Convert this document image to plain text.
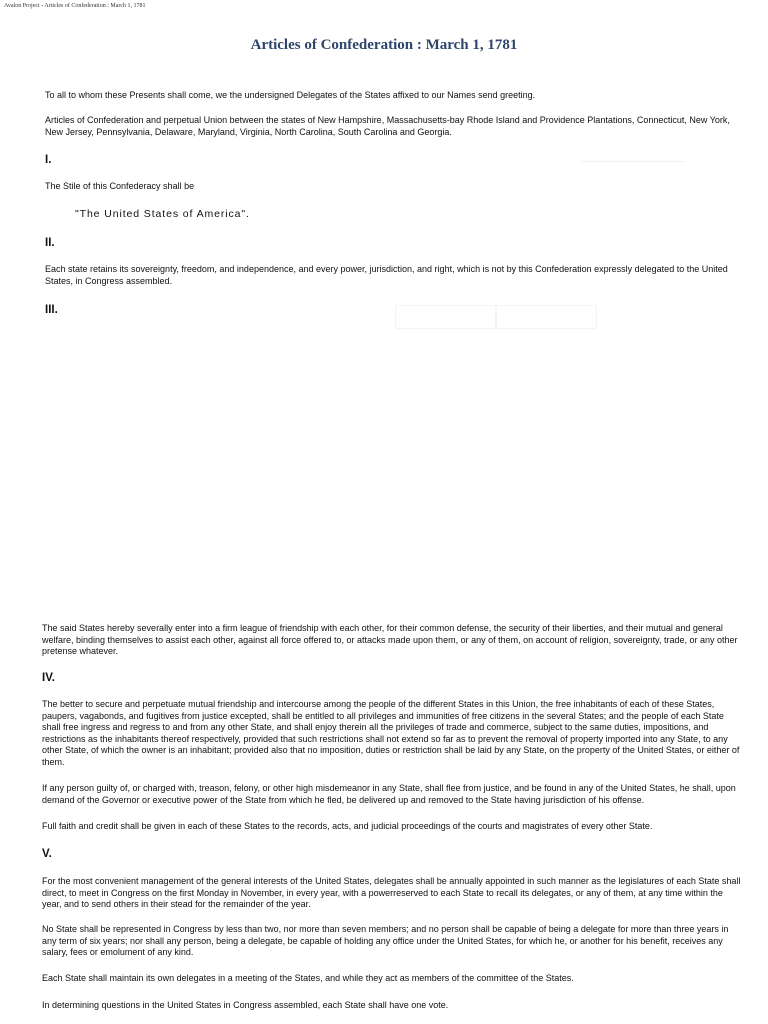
Avalon Project - Articles of Confederation : March 1, 1781
Articles of Confederation : March 1, 1781

To all to whom these Presents shall come, we the undersigned Delegates of the States affixed to our Names send greeting.

Articles of Confederation and perpetual Union between the states of New Hampshire, Massachusetts-bay Rhode Island and Providence Plantations, Connecticut, New York, New Jersey, Pennsylvania, Delaware, Maryland, Virginia, North Carolina, South Carolina and Georgia.

I.

The Stile of this Confederacy shall be

"The United States of America".

II.

Each state retains its sovereignty, freedom, and independence, and every power, jurisdiction, and right, which is not by this Confederation expressly delegated to the United States, in Congress assembled.

III.

The said States hereby severally enter into a firm league of friendship with each other, for their common defense, the security of their liberties, and their mutual and general welfare, binding themselves to assist each other, against all force offered to, or attacks made upon them, or any of them, on account of religion, sovereignty, trade, or any other pretense whatever.

IV.

The better to secure and perpetuate mutual friendship and intercourse among the people of the different States in this Union, the free inhabitants of each of these States, paupers, vagabonds, and fugitives from justice excepted, shall be entitled to all privileges and immunities of free citizens in the several States; and the people of each State shall free ingress and regress to and from any other State, and shall enjoy therein all the privileges of trade and commerce, subject to the same duties, impositions, and restrictions as the inhabitants thereof respectively, provided that such restrictions shall not extend so far as to prevent the removal of property imported into any State, to any other State, of which the owner is an inhabitant; provided also that no imposition, duties or restriction shall be laid by any State, on the property of the United States, or either of them.

If any person guilty of, or charged with, treason, felony, or other high misdemeanor in any State, shall flee from justice, and be found in any of the United States, he shall, upon demand of the Governor or executive power of the State from which he fled, be delivered up and removed to the State having jurisdiction of his offense.

Full faith and credit shall be given in each of these States to the records, acts, and judicial proceedings of the courts and magistrates of every other State.

V.

For the most convenient management of the general interests of the United States, delegates shall be annually appointed in such manner as the legislatures of each State shall direct, to meet in Congress on the first Monday in November, in every year, with a powerreserved to each State to recall its delegates, or any of them, at any time within the year, and to send others in their stead for the remainder of the year.

No State shall be represented in Congress by less than two, nor more than seven members; and no person shall be capable of being a delegate for more than three years in any term of six years; nor shall any person, being a delegate, be capable of holding any office under the United States, for which he, or another for his benefit, receives any salary, fees or emolument of any kind.

Each State shall maintain its own delegates in a meeting of the States, and while they act as members of the committee of the States.

In determining questions in the United States in Congress assembled, each State shall have one vote.
